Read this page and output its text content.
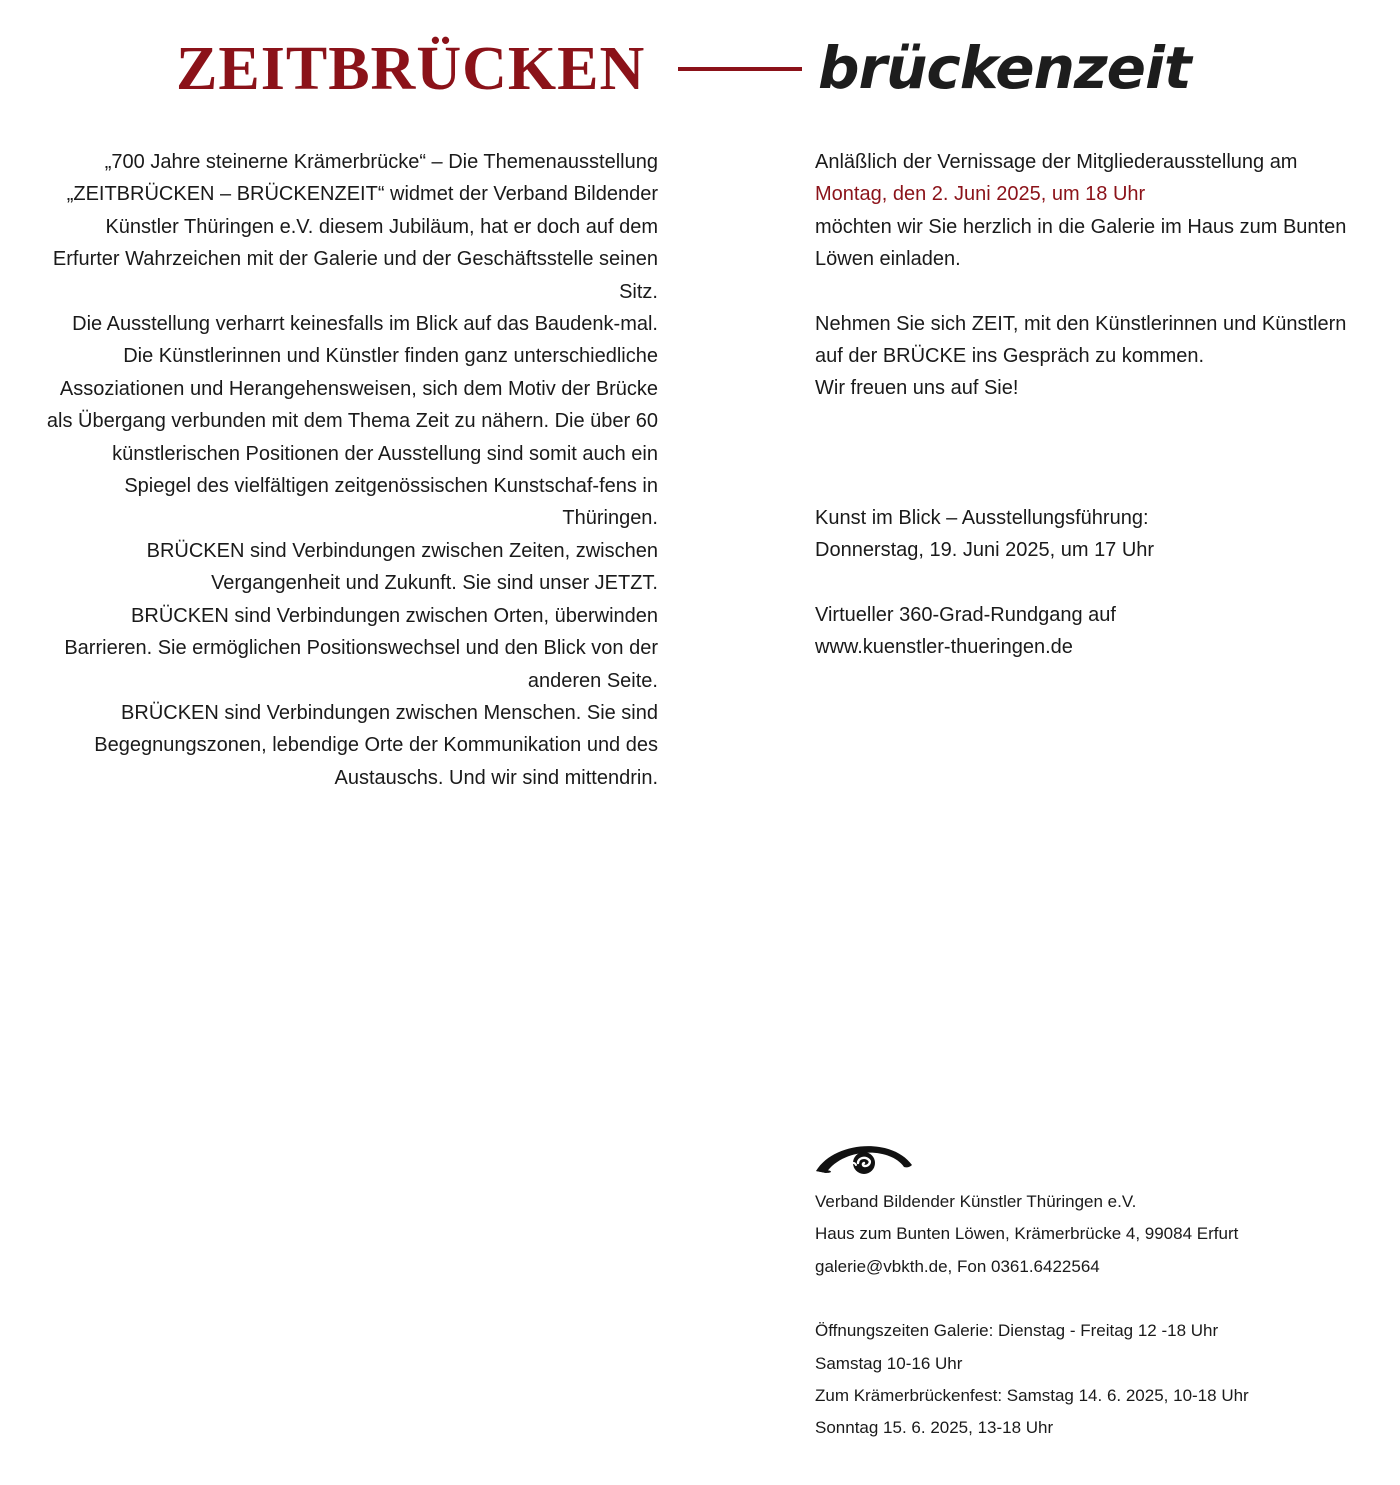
ZEITBRÜCKEN	brückenzeit

„700 Jahre steinerne Krämerbrücke“ – Die Themenausstellung „ZEITBRÜCKEN – BRÜCKENZEIT“ widmet der Verband Bildender Künstler Thüringen e.V. diesem Jubiläum, hat er doch auf dem Erfurter Wahrzeichen mit der Galerie und der Geschäftsstelle seinen Sitz.

Die Ausstellung verharrt keinesfalls im Blick auf das Baudenk-mal. Die Künstlerinnen und Künstler finden ganz unterschiedliche Assoziationen und Herangehensweisen, sich dem Motiv der Brücke als Übergang verbunden mit dem Thema Zeit zu nähern. Die über 60 künstlerischen Positionen der Ausstellung sind somit auch ein Spiegel des vielfältigen zeitgenössischen Kunstschaf-fens in Thüringen.

BRÜCKEN sind Verbindungen zwischen Zeiten, zwischen Vergangenheit und Zukunft. Sie sind unser JETZT.

BRÜCKEN sind Verbindungen zwischen Orten, überwinden Barrieren. Sie ermöglichen Positionswechsel und den Blick von der anderen Seite.

BRÜCKEN sind Verbindungen zwischen Menschen. Sie sind Begegnungszonen, lebendige Orte der Kommunikation und des Austauschs. Und wir sind mittendrin.

Anläßlich der Vernissage der Mitgliederausstellung am

Montag, den 2. Juni 2025, um 18 Uhr

möchten wir Sie herzlich in die Galerie im Haus zum Bunten Löwen einladen.

Nehmen Sie sich ZEIT, mit den Künstlerinnen und Künstlern auf der BRÜCKE ins Gespräch zu kommen.

Wir freuen uns auf Sie!

Kunst im Blick – Ausstellungsführung:

Donnerstag, 19. Juni 2025, um 17 Uhr

Virtueller 360-Grad-Rundgang auf

www.kuenstler-thueringen.de

Verband Bildender Künstler Thüringen e.V.

Haus zum Bunten Löwen, Krämerbrücke 4, 99084 Erfurt

galerie@vbkth.de, Fon 0361.6422564

Öffnungszeiten Galerie: Dienstag - Freitag 12 -18 Uhr

Samstag 10-16 Uhr

Zum Krämerbrückenfest: Samstag 14. 6. 2025, 10-18 Uhr

Sonntag 15. 6. 2025, 13-18 Uhr
